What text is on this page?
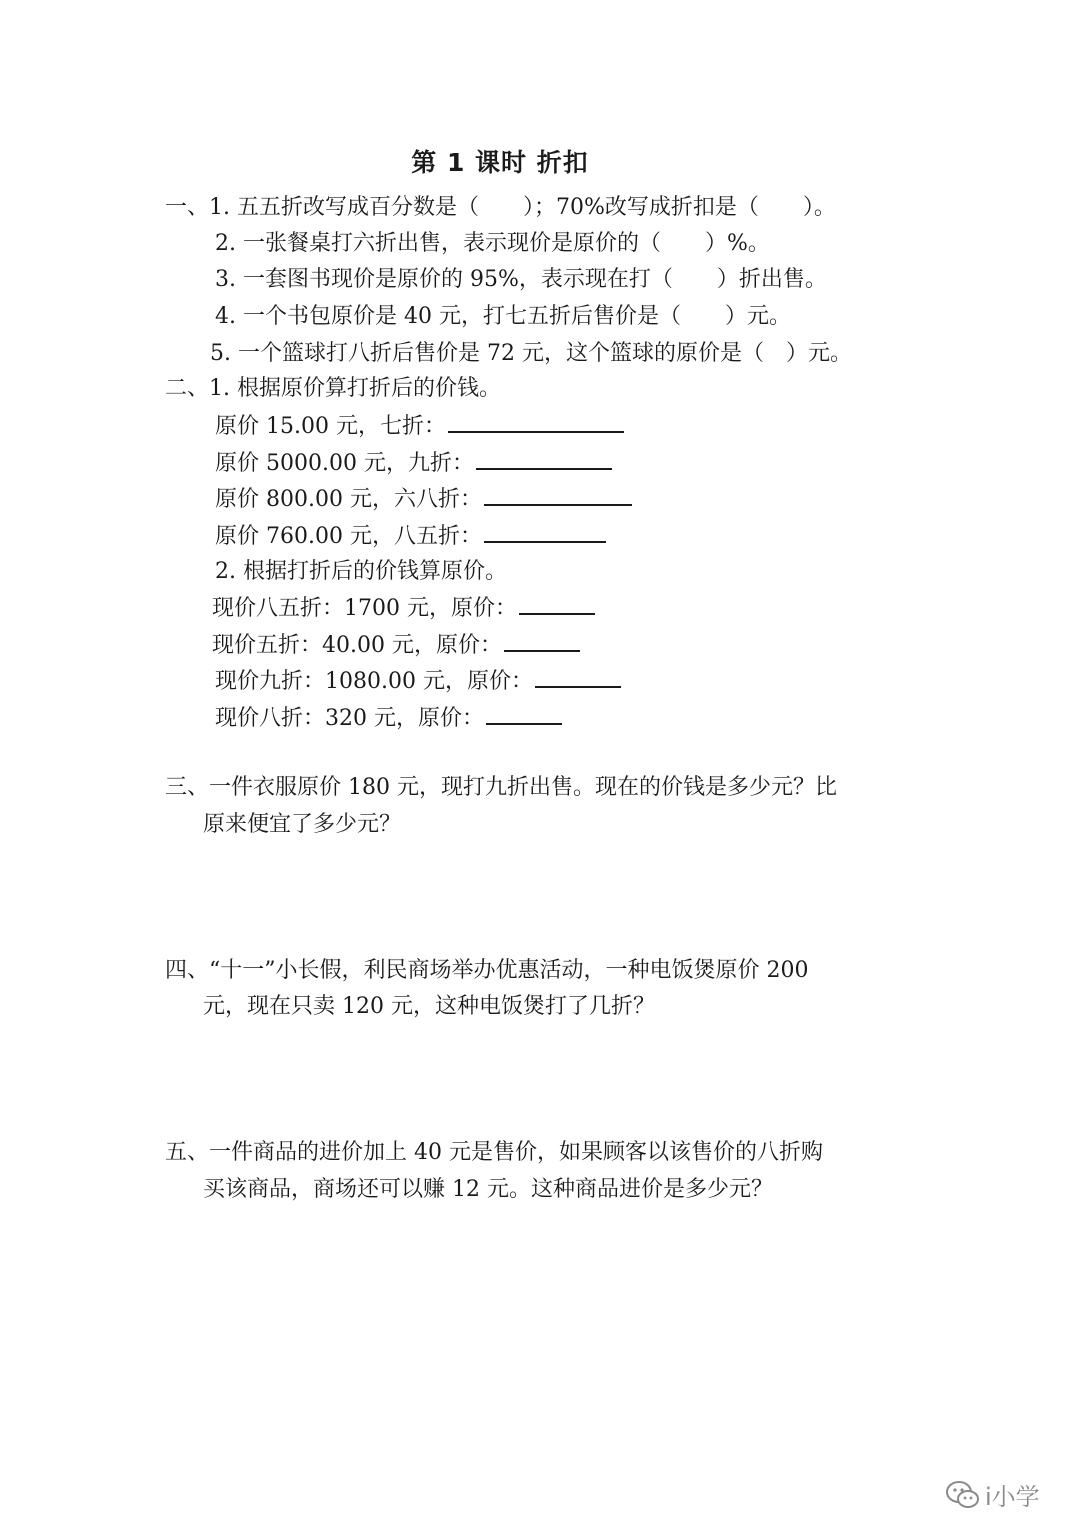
第 1 课时 折扣
一、1. 五五折改写成百分数是（　　）；70%改写成折扣是（　　）。
2. 一张餐桌打六折出售，表示现价是原价的（　　）%。
3. 一套图书现价是原价的 95%，表示现在打（　　）折出售。
4. 一个书包原价是 40 元，打七五折后售价是（　　）元。
5. 一个篮球打八折后售价是 72 元，这个篮球的原价是（　）元。
二、1. 根据原价算打折后的价钱。
原价 15.00 元，七折：
原价 5000.00 元，九折：
原价 800.00 元，六八折：
原价 760.00 元，八五折：
2. 根据打折后的价钱算原价。
现价八五折：1700 元，原价：
现价五折：40.00 元，原价：
现价九折：1080.00 元，原价：
现价八折：320 元，原价：
三、一件衣服原价 180 元，现打九折出售。现在的价钱是多少元？比
原来便宜了多少元？
四、“十一”小长假，利民商场举办优惠活动，一种电饭煲原价 200
元，现在只卖 120 元，这种电饭煲打了几折？
五、一件商品的进价加上 40 元是售价，如果顾客以该售价的八折购
买该商品，商场还可以赚 12 元。这种商品进价是多少元？
i小学
